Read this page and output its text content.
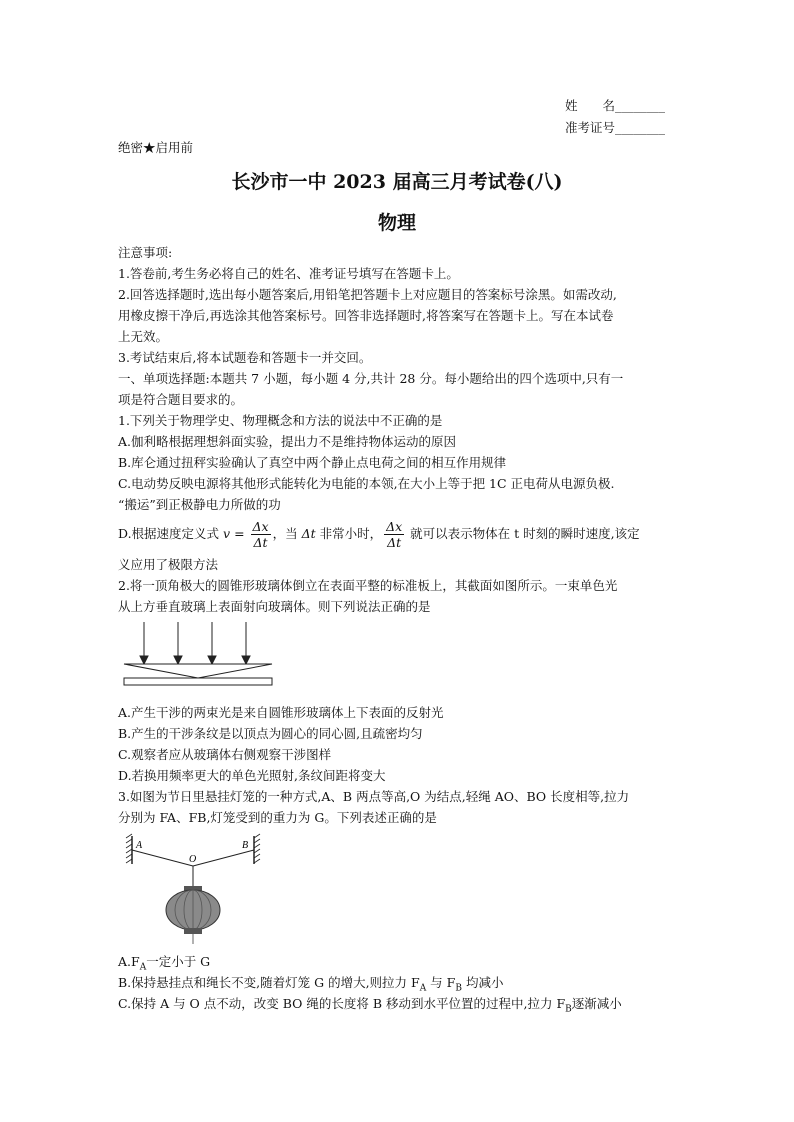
姓　　名________
准考证号________
绝密★启用前
长沙市一中 2023 届高三月考试卷(八)
物理
注意事项:
1.答卷前,考生务必将自己的姓名、准考证号填写在答题卡上。
2.回答选择题时,选出每小题答案后,用铅笔把答题卡上对应题目的答案标号涂黑。如需改动,
用橡皮擦干净后,再选涂其他答案标号。回答非选择题时,将答案写在答题卡上。写在本试卷
上无效。
3.考试结束后,将本试题卷和答题卡一并交回。
一、单项选择题:本题共 7 小题，每小题 4 分,共计 28 分。每小题给出的四个选项中,只有一
项是符合题目要求的。
1.下列关于物理学史、物理概念和方法的说法中不正确的是
A.伽利略根据理想斜面实验，提出力不是维持物体运动的原因
B.库仑通过扭秤实验确认了真空中两个静止点电荷之间的相互作用规律
C.电动势反映电源将其他形式能转化为电能的本领,在大小上等于把 1C 正电荷从电源负极.
“搬运”到正极静电力所做的功
D.根据速度定义式 $v = \frac{\Delta x}{\Delta t}$ ，当 Δt 非常小时， $\frac{\Delta x}{\Delta t}$ 就可以表示物体在 t 时刻的瞬时速度,该定
义应用了极限方法
2.将一顶角极大的圆锥形玻璃体倒立在表面平整的标准板上，其截面如图所示。一束单色光
从上方垂直玻璃上表面射向玻璃体。则下列说法正确的是
A.产生干涉的两束光是来自圆锥形玻璃体上下表面的反射光
B.产生的干涉条纹是以顶点为圆心的同心圆,且疏密均匀
C.观察者应从玻璃体右侧观察干涉图样
D.若换用频率更大的单色光照射,条纹间距将变大
3.如图为节日里悬挂灯笼的一种方式,A、B 两点等高,O 为结点,轻绳 AO、BO 长度相等,拉力
分别为 FA、FB,灯笼受到的重力为 G。下列表述正确的是
A
O
B
$A.F_A$一定小于 G
B.保持悬挂点和绳长不变,随着灯笼 G 的增大,则拉力 $F_A$ 与 $F_B$ 均减小
C.保持 A 与 O 点不动，改变 BO 绳的长度将 B 移动到水平位置的过程中,拉力 $F_B$逐渐减小
